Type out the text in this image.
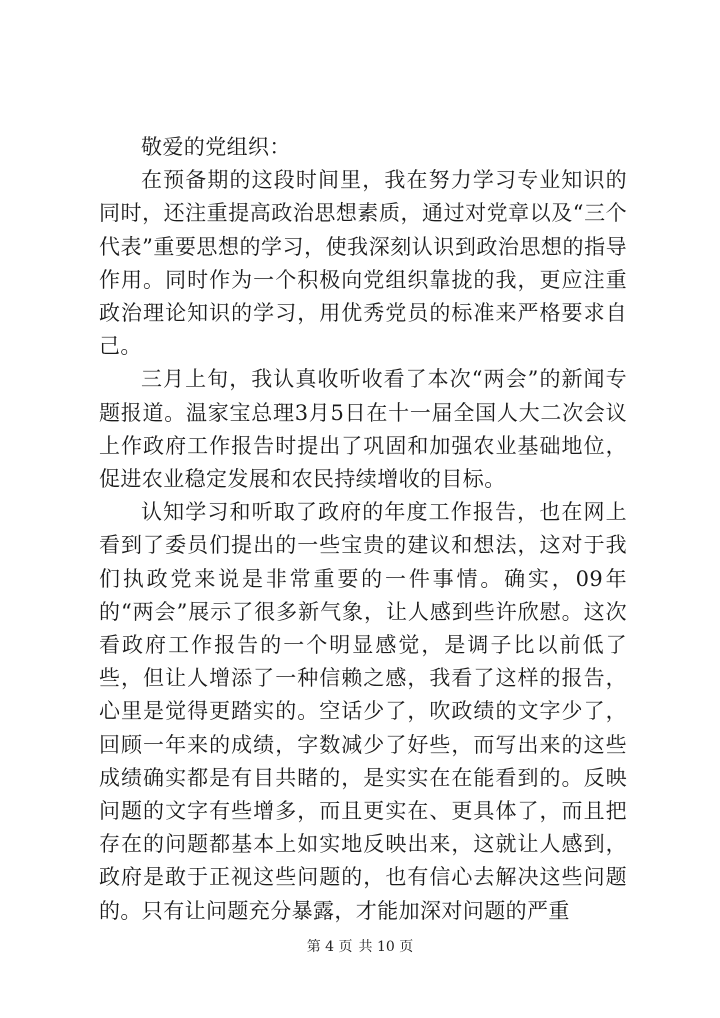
敬爱的党组织：

在预备期的这段时间里，我在努力学习专业知识的同时，还注重提高政治思想素质，通过对党章以及“三个代表”重要思想的学习，使我深刻认识到政治思想的指导作用。同时作为一个积极向党组织靠拢的我，更应注重政治理论知识的学习，用优秀党员的标准来严格要求自己。

三月上旬，我认真收听收看了本次“两会”的新闻专题报道。温家宝总理3月5日在十一届全国人大二次会议上作政府工作报告时提出了巩固和加强农业基础地位，促进农业稳定发展和农民持续增收的目标。

认知学习和听取了政府的年度工作报告，也在网上看到了委员们提出的一些宝贵的建议和想法，这对于我们执政党来说是非常重要的一件事情。确实，09年的“两会”展示了很多新气象，让人感到些许欣慰。这次看政府工作报告的一个明显感觉，是调子比以前低了些，但让人增添了一种信赖之感，我看了这样的报告，心里是觉得更踏实的。空话少了，吹政绩的文字少了，回顾一年来的成绩，字数减少了好些，而写出来的这些成绩确实都是有目共睹的，是实实在在能看到的。反映问题的文字有些增多，而且更实在、更具体了，而且把存在的问题都基本上如实地反映出来，这就让人感到，政府是敢于正视这些问题的，也有信心去解决这些问题的。只有让问题充分暴露，才能加深对问题的严重

第 4 页 共 10 页
